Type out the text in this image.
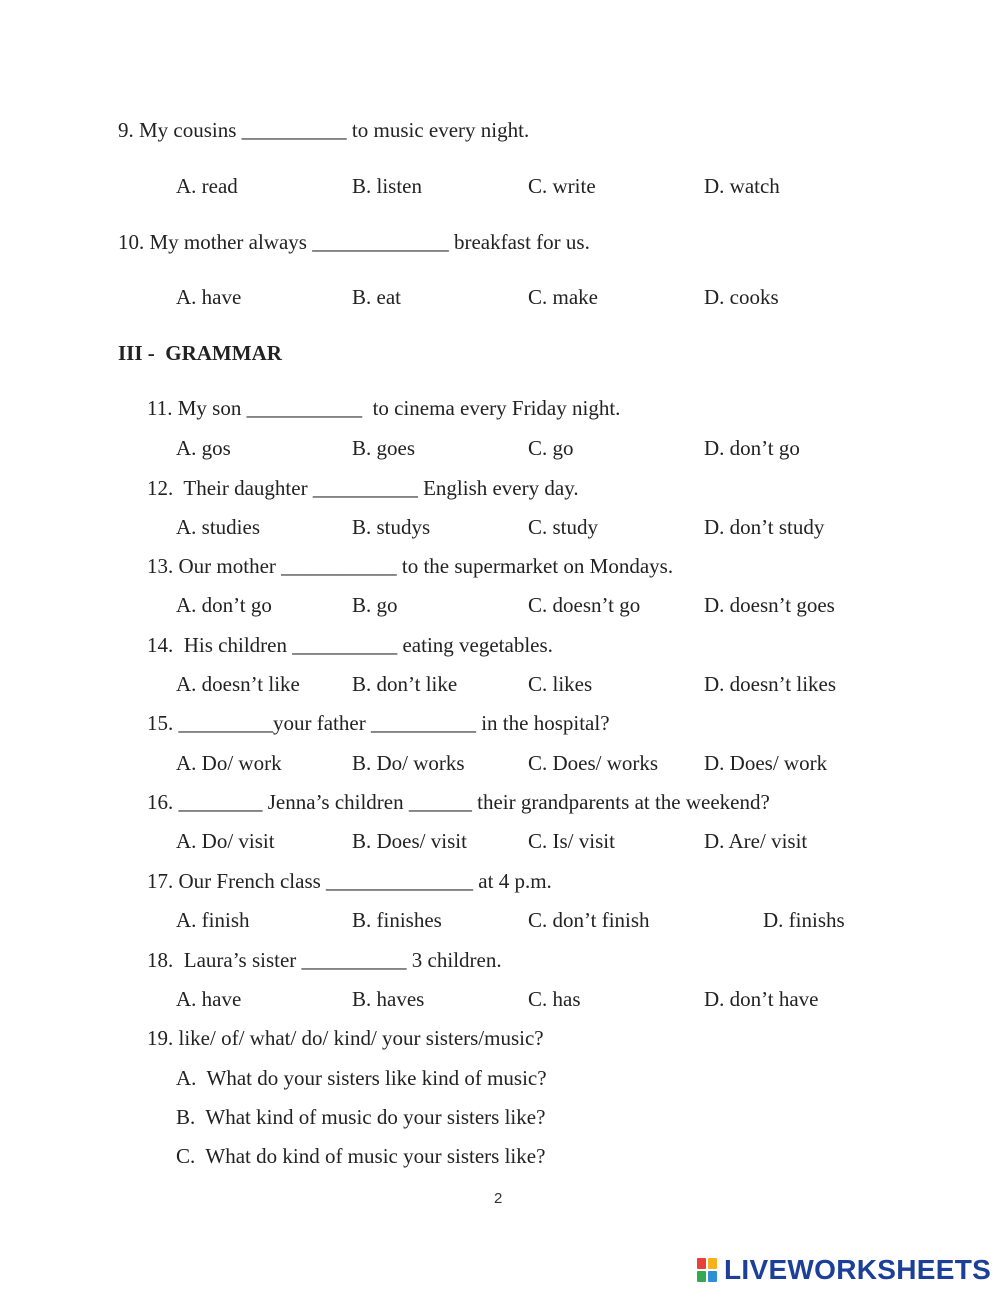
9. My cousins __________ to music every night.
A. read	B. listen	C. write	D. watch
10. My mother always _____________ breakfast for us.
A. have	B. eat	C. make	D. cooks
III -  GRAMMAR
11. My son ___________  to cinema every Friday night.
A. gos	B. goes	C. go	D. don’t go
12.  Their daughter __________ English every day.
A. studies	B. studys	C. study	D. don’t study
13. Our mother ___________ to the supermarket on Mondays.
A. don’t go	B. go	C. doesn’t go	D. doesn’t goes
14.  His children __________ eating vegetables.
A. doesn’t like B. don’t like	C. likes	D. doesn’t likes
15. _________your father __________ in the hospital?
A. Do/ work	B. Do/ works	C. Does/ works D. Does/ work
16. ________ Jenna’s children ______ their grandparents at the weekend?
A. Do/ visit	B. Does/ visit	C. Is/ visit	D. Are/ visit
17. Our French class ______________ at 4 p.m.
A. finish	B. finishes	C. don’t finish	D. finishs
18.  Laura’s sister __________ 3 children.
A. have	B. haves	C. has	D. don’t have
19. like/ of/ what/ do/ kind/ your sisters/music?
A.  What do your sisters like kind of music?
B.  What kind of music do your sisters like?
C.  What do kind of music your sisters like?
2
LIVEWORKSHEETS
